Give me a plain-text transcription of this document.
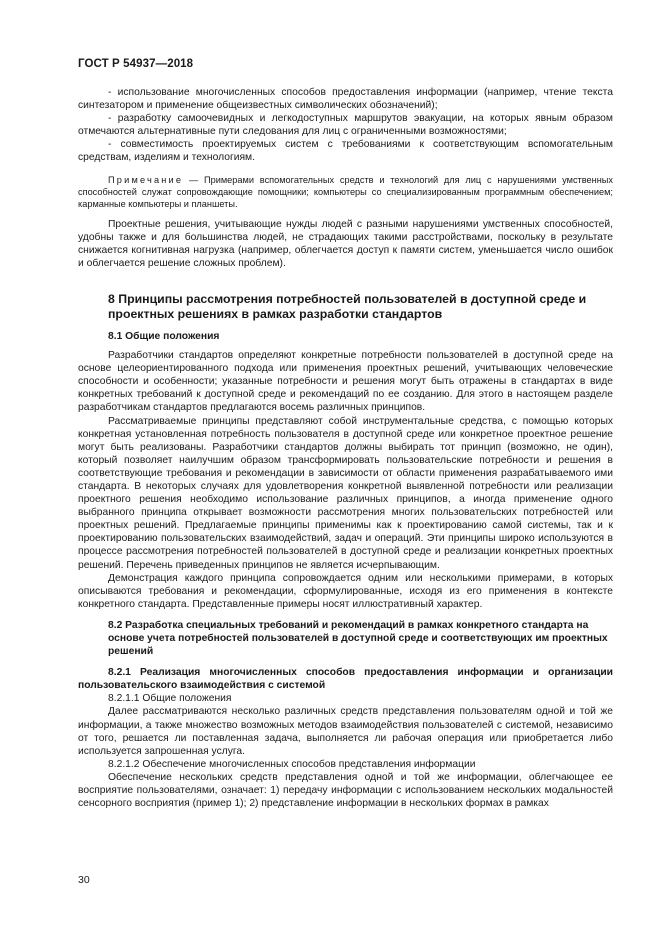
ГОСТ Р 54937—2018

- использование многочисленных способов предоставления информации (например, чтение текста синтезатором и применение общеизвестных символических обозначений);

- разработку самоочевидных и легкодоступных маршрутов эвакуации, на которых явным образом отмечаются альтернативные пути следования для лиц с ограниченными возможностями;

- совместимость проектируемых систем с требованиями к соответствующим вспомогательным средствам, изделиям и технологиям.

Примечание — Примерами вспомогательных средств и технологий для лиц с нарушениями умственных способностей служат сопровождающие помощники; компьютеры со специализированным программным обеспечением; карманные компьютеры и планшеты.

Проектные решения, учитывающие нужды людей с разными нарушениями умственных способностей, удобны также и для большинства людей, не страдающих такими расстройствами, поскольку в результате снижается когнитивная нагрузка (например, облегчается доступ к памяти систем, уменьшается число ошибок и облегчается решение сложных проблем).

8 Принципы рассмотрения потребностей пользователей в доступной среде и проектных решениях в рамках разработки стандартов
8.1 Общие положения

Разработчики стандартов определяют конкретные потребности пользователей в доступной среде на основе целеориентированного подхода или применения проектных решений, учитывающих человеческие способности и особенности; указанные потребности и решения могут быть отражены в стандартах в виде конкретных требований к доступной среде и рекомендаций по ее созданию. Для этого в настоящем разделе разработчикам стандартов предлагаются восемь различных принципов.

Рассматриваемые принципы представляют собой инструментальные средства, с помощью которых конкретная установленная потребность пользователя в доступной среде или конкретное проектное решение могут быть реализованы. Разработчики стандартов должны выбирать тот принцип (возможно, не один), который позволяет наилучшим образом трансформировать пользовательские потребности и решения в соответствующие требования и рекомендации в зависимости от области применения разрабатываемого ими стандарта. В некоторых случаях для удовлетворения конкретной выявленной потребности или реализации проектного решения необходимо использование различных принципов, а иногда применение одного выбранного принципа открывает возможности рассмотрения многих пользовательских потребностей или проектных решений. Предлагаемые принципы применимы как к проектированию самой системы, так и к проектированию пользовательских взаимодействий, задач и операций. Эти принципы широко используются в процессе рассмотрения потребностей пользователей в доступной среде и реализации конкретных проектных решений. Перечень приведенных принципов не является исчерпывающим.

Демонстрация каждого принципа сопровождается одним или несколькими примерами, в которых описываются требования и рекомендации, сформулированные, исходя из его применения в контексте конкретного стандарта. Представленные примеры носят иллюстративный характер.

8.2 Разработка специальных требований и рекомендаций в рамках конкретного стандарта на основе учета потребностей пользователей в доступной среде и соответствующих им проектных решений
8.2.1 Реализация многочисленных способов предоставления информации и организации пользовательского взаимодействия с системой

8.2.1.1 Общие положения

Далее рассматриваются несколько различных средств представления пользователям одной и той же информации, а также множество возможных методов взаимодействия пользователей с системой, независимо от того, решается ли поставленная задача, выполняется ли рабочая операция или приобретается либо используется запрошенная услуга.

8.2.1.2 Обеспечение многочисленных способов представления информации

Обеспечение нескольких средств представления одной и той же информации, облегчающее ее восприятие пользователями, означает: 1) передачу информации с использованием нескольких модальностей сенсорного восприятия (пример 1); 2) представление информации в нескольких формах в рамках

30
